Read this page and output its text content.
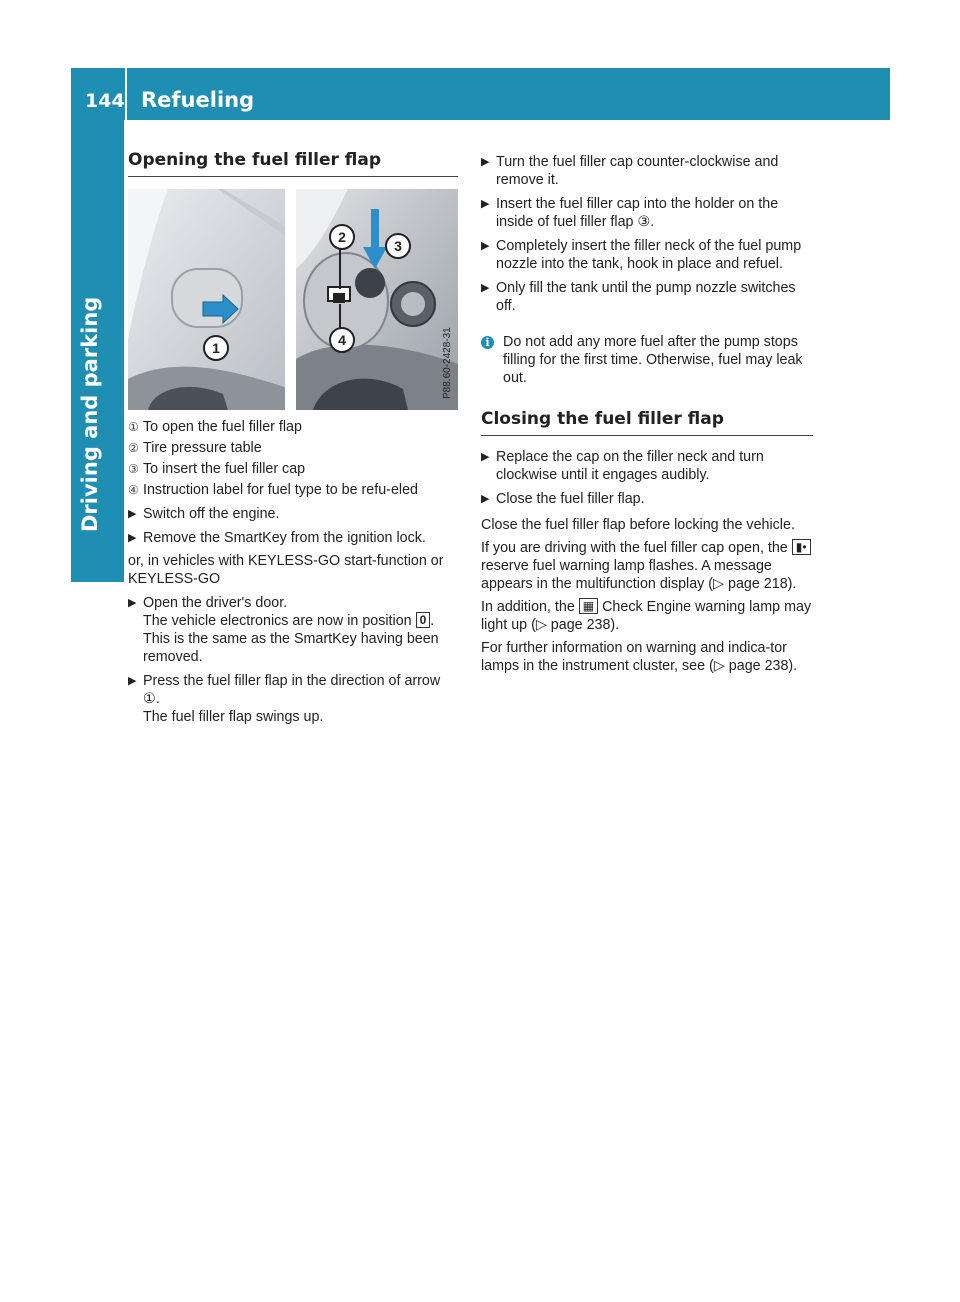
144 Refueling
Driving and parking
Opening the fuel filler flap
P88.60-2428-31
1
2
3
4
① To open the fuel filler flap
② Tire pressure table
③ To insert the fuel filler cap
④ Instruction label for fuel type to be refu-eled
▶ Switch off the engine.
▶ Remove the SmartKey from the ignition lock.

or, in vehicles with KEYLESS-GO start-function or KEYLESS-GO

▶ Open the driver's door.
The vehicle electronics are now in position 0 . This is the same as the SmartKey having been removed.
▶ Press the fuel filler flap in the direction of arrow ①.
The fuel filler flap swings up.
▶ Turn the fuel filler cap counter-clockwise and remove it.
▶ Insert the fuel filler cap into the holder on the inside of fuel filler flap ③.
▶ Completely insert the filler neck of the fuel pump nozzle into the tank, hook in place and refuel.
▶ Only fill the tank until the pump nozzle switches off.
i Do not add any more fuel after the pump stops filling for the first time. Otherwise, fuel may leak out.

Closing the fuel filler flap
▶ Replace the cap on the filler neck and turn clockwise until it engages audibly.
▶ Close the fuel filler flap.

Close the fuel filler flap before locking the vehicle.

If you are driving with the fuel filler cap open, the ▮• reserve fuel warning lamp flashes. A message appears in the multifunction display (▷ page 218).

In addition, the ▦ Check Engine warning lamp may light up (▷ page 238).

For further information on warning and indica-tor lamps in the instrument cluster, see (▷ page 238).
